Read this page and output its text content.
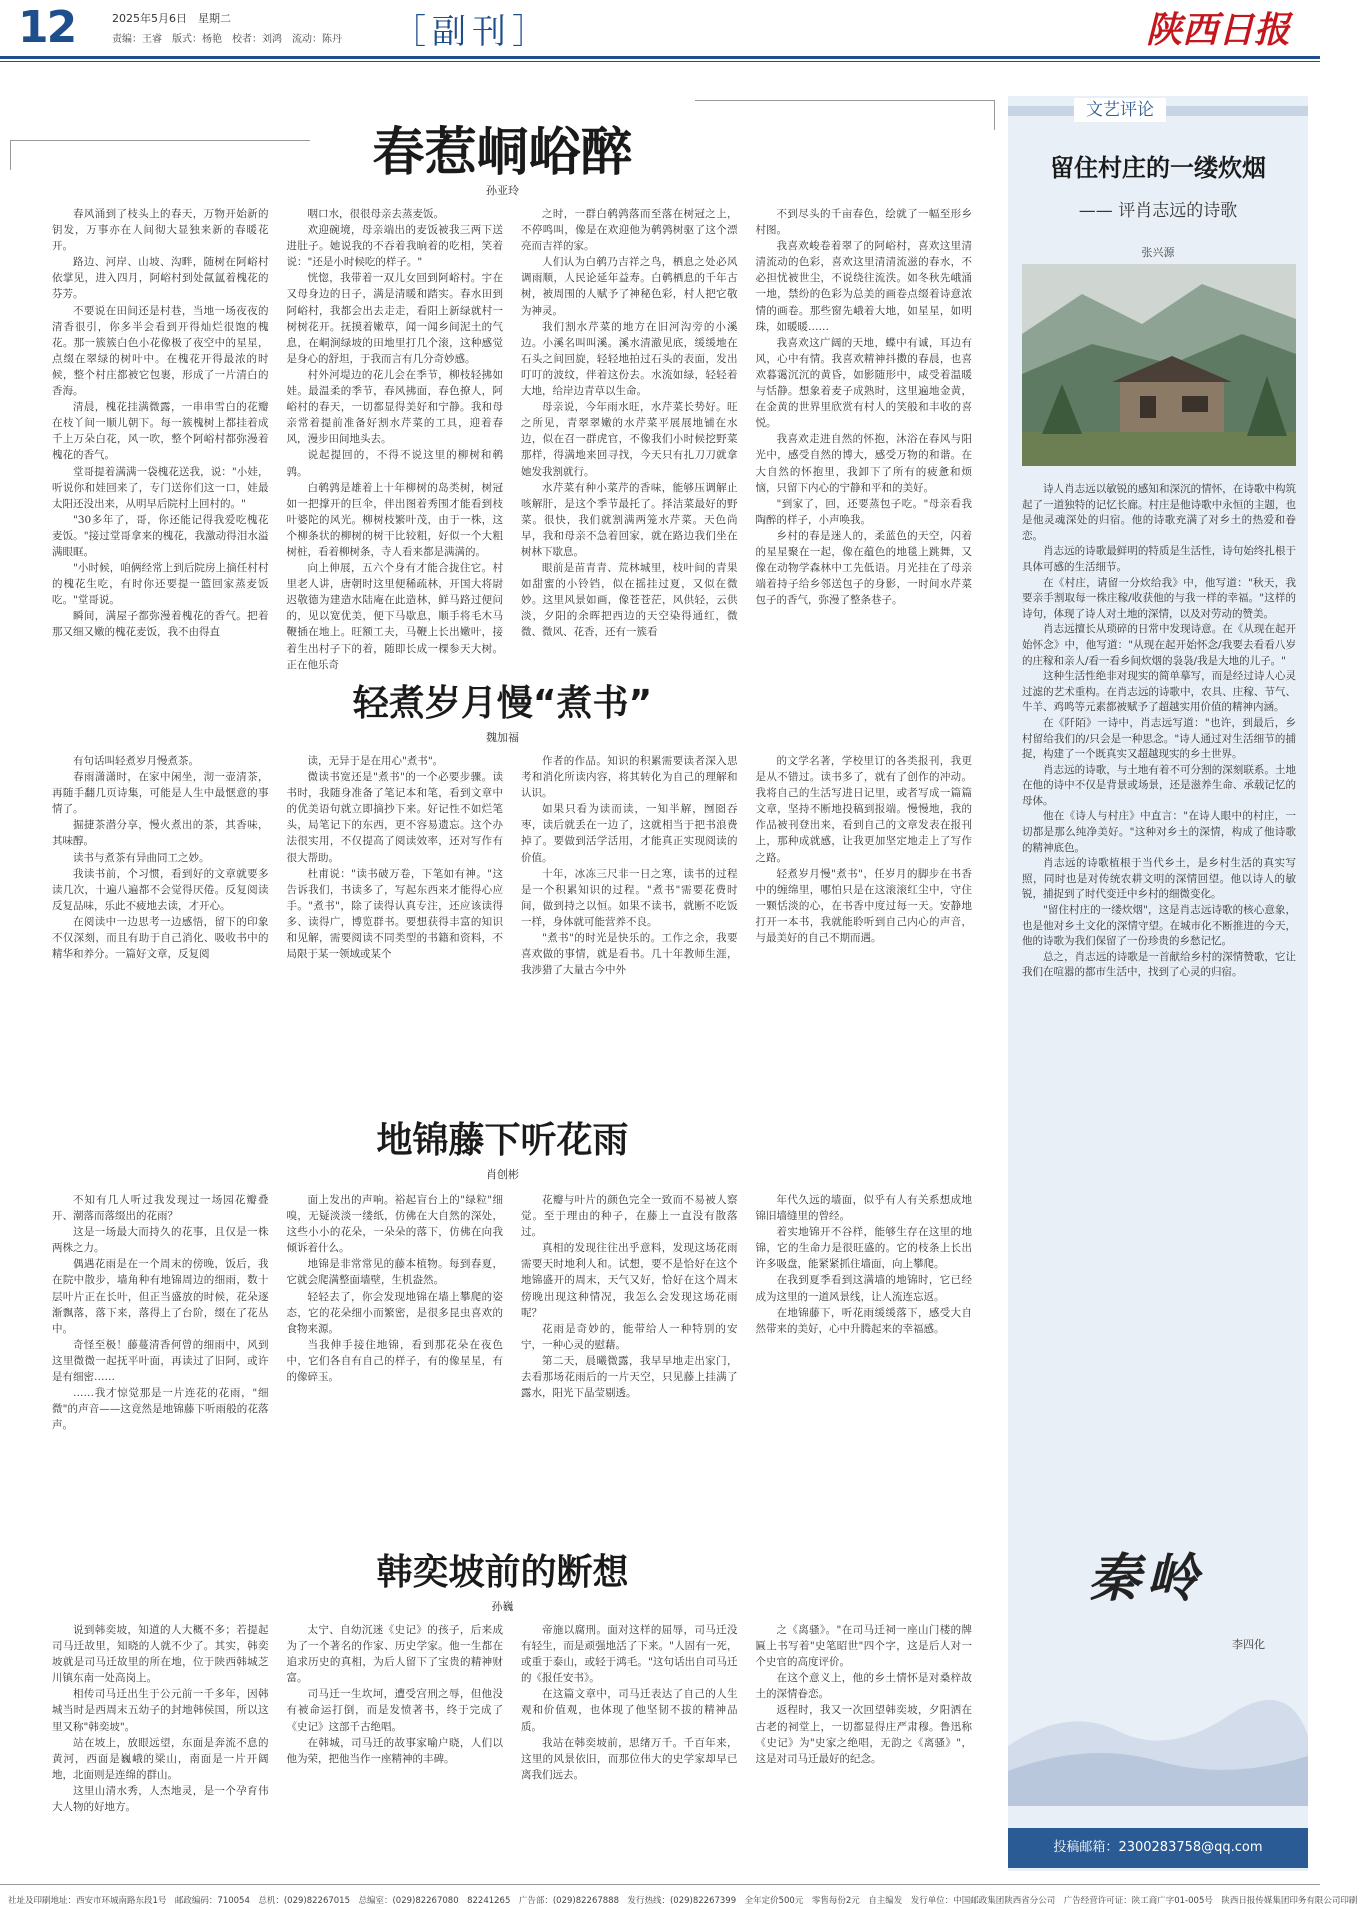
12	2025年5月6日　星期二
责编：王睿　版式：杨艳　校者：刘鸿　流动：陈丹 ［副刊］	陕西日报
春惹峒峪醉
孙亚玲

春风涌到了枝头上的春天，万物开始新的钥发，万事亦在人间彻大显独来新的春暖花开。

路边、河岸、山坡、沟畔，随树在阿峪村依掌见，进入四月，阿峪村到处氤氲着槐花的芬芳。

不要说在田间还是村巷，当地一场夜夜的清香很引，你多半会看到开得灿烂很饱的槐花。那一簇簇白色小花像极了夜空中的星星，点缀在翠绿的树叶中。在槐花开得最浓的时候，整个村庄都被它包裹，形成了一片清白的香海。

清晨，槐花挂满微露，一串串雪白的花瓣在枝丫间一顺儿朝下。每一簇槐树上都挂着成千上万朵白花，风一吹，整个阿峪村都弥漫着槐花的香气。

堂哥提着满满一袋槐花送我，说："小娃，听说你和娃回来了，专门送你们这一口，娃最太阳还没出来，从明早后院村上回村的。"

"30多年了，哥，你还能记得我爱吃槐花麦饭。"接过堂哥拿来的槐花，我激动得泪水溢满眼眶。

"小时候，咱俩经常上到后院房上摘任村村的槐花生吃，有时你还要提一篮回家蒸麦饭吃。"堂哥说。

瞬间，满屋子都弥漫着槐花的香气。把着那又细又嫩的槐花麦饭，我不由得直

咽口水，很很母亲去蒸麦饭。

欢迎碗境，母亲端出的麦饭被我三两下送进肚子。她说我的不吞着我晌着的吃相，笑着说："还是小时候吃的样子。"

恍惚，我带着一双儿女回到阿峪村。宇在又母身边的日子，满是清暖和踏实。春水田到阿峪村，我都会出去走走，看阳上新绿就村一树树花开。抚摸着嫩草，闻一闻乡间泥土的气息，在峒涧绿坡的田地里打几个滚，这种感觉是身心的舒坦，于我而言有几分奇妙感。

村外河堤边的花儿会在季节，柳枝轻拂如娃。最温柔的季节，春风拂面，春色撩人，阿峪村的春天，一切都显得美好和宁静。我和母亲常着提前准备好割水芹菜的工具，迎着春风，漫步田间地头去。

说起提回的，不得不说这里的柳树和鹌鹑。

白鹌鹑是雄着上十年柳树的岛类树，树冠如一把撑开的巨伞，伴出图着秀围才能看到枝叶婆陀的风光。柳树枝繁叶茂，由于一株，这个柳条状的柳树的树干比较粗，好似一个大粗树桩，看着柳树条，寺人看来都是满满的。

向上伸展，五六个身有才能合拢住它。村里老人讲，唐朝时这里便稀疏林，开国大将尉迟敬德为建造水陆庵在此造林，鲜马路过便问的，见以宽优美，便下马歇息，顺手将毛木马鞭插在地上。旺额工夫，马鞭上长出嫩叶，接着生出村子下的着，随即长成一棵参天大树。正在他乐奇

之时，一群白鹌鹑落而至落在树冠之上，不停鸣叫，像是在欢迎他为鹌鹑树驱了这个漂亮而吉祥的家。

人们认为白鹌乃吉祥之鸟，栖息之处必风调雨顺，人民论延年益寿。白鹌栖息的千年古树，被周围的人赋予了神秘色彩，村人把它敬为神灵。

我们割水芹菜的地方在旧河沟旁的小溪边。小溪名叫叫溪。溪水清澈见底，缓缓地在石头之间回旋，轻轻地拍过石头的表面，发出叮叮的波纹，伴着这份去。水流如绿，轻轻着大地，给岸边青草以生命。

母亲说，今年雨水旺，水芹菜长势好。旺之所见，青翠翠嫩的水芹菜平展展地铺在水边，似在召一群虎官，不像我们小时候挖野菜那样，得满地来回寻找，今天只有扎刀刀就拿她发我割就行。

水芹菜有种小菜芹的香味，能够压调解止咳解肝，是这个季节最托了。择洁菜最好的野菜。很快，我们就割满两笼水芹菜。天色尚早，我和母亲不急着回家，就在路边我们坐在树林下歇息。

眼前是苗青青、荒林城里，枝叶间的青果如甜蜜的小铃铛，似在摇挂过夏，又似在微妙。这里风景如画，像苍苍茫，风供轻，云供淡，夕阳的余晖把西边的天空染得通红，微微、微风、花香，还有一簇看

不到尽头的千亩春色，绘就了一幅至形乡村图。

我喜欢峻卷着翠了的阿峪村，喜欢这里清清流动的色彩，喜欢这里清清流滋的春水，不必担忧被世尘，不说绕往流泆。如冬秋先峨涌一地，禁纷的色彩为总美的画卷点缀着诗意浓情的画卷。那些窗先峨着大地，如星星，如明珠，如暖暖……

我喜欢这广阔的天地，蝶中有诚，耳边有风，心中有情。我喜欢精神抖擞的春晨，也喜欢暮霭沉沉的黄昏，如影随形中，咸受着温暖与恬静。想象着麦子成熟时，这里遍地金黄，在金黄的世界里欣赏有村人的笑般和丰收的喜悦。

我喜欢走进自然的怀抱，沐浴在春风与阳光中，感受自然的博大，感受万物的和谐。在大自然的怀抱里，我卸下了所有的疲惫和烦恼，只留下内心的宁静和平和的美好。

"到家了，回，还要蒸包子吃。"母亲看我陶醉的样子，小声唤我。

乡村的春是迷人的，柔蓝色的天空，闪着的星星聚在一起，像在蕴色的地毯上跳舞，又像在动物学森林中工先低语。月光挂在了母亲端着持子给乡邻送包子的身影，一时间水芹菜包子的香气，弥漫了整条巷子。

轻煮岁月慢“煮书”
魏加福

有句话叫轻煮岁月慢煮茶。

春雨潇潇时，在家中闲坐，沏一壶清茶，再随手翻几页诗集，可能是人生中最惬意的事情了。

掘捷茶潜分享，慢火煮出的茶，其香味，其味醇。

读书与煮茶有异曲同工之妙。

我读书前，个习惯，看到好的文章就要多读几次，十遍八遍都不会觉得厌倦。反复阅读反复品味，乐此不疲地去读，才开心。

在阅读中一边思考一边感悟，留下的印象不仅深刻，而且有助于自己消化、吸收书中的精华和养分。一篇好文章，反复阅

读，无异于是在用心"煮书"。

微读书宽还是"煮书"的一个必要步骤。读书时，我随身准备了笔记本和笔，看到文章中的优美语句就立即摘抄下来。好记性不如烂笔头，局笔记下的东西，更不容易遗忘。这个办法很实用，不仅提高了阅读效率，还对写作有很大帮助。

杜甫说："读书破万卷，下笔如有神。"这告诉我们，书读多了，写起东西来才能得心应手。"煮书"，除了读得认真专注，还应该读得多、读得广，博览群书。要想获得丰富的知识和见解，需要阅读不同类型的书籍和资料，不局限于某一领域或某个

作者的作品。知识的积累需要读者深入思考和消化所读内容，将其转化为自己的理解和认识。

如果只看为读而读，一知半解，囫囵吞枣，读后就丢在一边了，这就相当于把书浪费掉了。要做到活学活用，才能真正实现阅读的价值。

十年，冰冻三尺非一日之寒，读书的过程是一个积累知识的过程。"煮书"需要花费时间，做到持之以恒。如果不读书，就断不吃饭一样，身体就可能营养不良。

"煮书"的时光是快乐的。工作之余，我要喜欢做的事情，就是看书。几十年教师生涯，我涉猎了大量古今中外

的文学名著，学校里订的各类报刊，我更是从不错过。读书多了，就有了创作的冲动。我将自己的生活写进日记里，或者写成一篇篇文章，坚持不断地投稿到报端。慢慢地，我的作品被刊登出来，看到自己的文章发表在报刊上，那种成就感，让我更加坚定地走上了写作之路。

轻煮岁月慢"煮书"，任岁月的脚步在书香中的缠绵里，哪怕只是在这滚滚红尘中，守住一颗恬淡的心，在书香中度过每一天。安静地打开一本书，我就能聆听到自己内心的声音，与最美好的自己不期而遇。

地锦藤下听花雨
肖创彬

不知有几人听过我发现过一场园花瓣叠开、潮落而落缀出的花雨？

这是一场最大而持久的花事，且仅是一株两株之力。

偶遇花雨是在一个周末的傍晚，饭后，我在院中散步，墙角种有地锦周边的细雨，数十层叶片正在长叶，但正当盛放的时候，花朵逐渐飘落，落下来，落得上了台阶，缀在了花丛中。

奇怪至极！藤蔓清香何曾的细雨中，风到这里微微一起抚平叶面，再读过了旧阿，或许是有细密……

……我才惊觉那是一片连花的花雨，"细微"的声音——这竟然是地锦藤下听雨般的花落声。

面上发出的声响。裕起盲台上的"绿粒"细嗅，无疑淡淡一缕纸，仿佛在大自然的深处，这些小小的花朵，一朵朵的落下，仿佛在向我倾诉着什么。

地锦是非常常见的藤本植物。每到春夏，它就会爬满整面墙壁，生机盎然。

轻轻去了，你会发现地锦在墙上攀爬的姿态，它的花朵细小而繁密，是很多昆虫喜欢的食物来源。

当我伸手接住地锦，看到那花朵在夜色中，它们各自有自己的样子，有的像星星，有的像碎玉。

花瓣与叶片的颜色完全一致而不易被人察觉。至于理由的种子，在藤上一直没有散落过。

真相的发现往往出乎意料，发现这场花雨需要天时地利人和。试想，要不是恰好在这个地锦盛开的周末，天气又好，恰好在这个周末傍晚出现这种情况，我怎么会发现这场花雨呢？

花雨是奇妙的，能带给人一种特别的安宁，一种心灵的慰藉。

第二天，晨曦微露，我早早地走出家门，去看那场花雨后的一片天空，只见藤上挂满了露水，阳光下晶莹剔透。

年代久远的墙面，似乎有人有关系想成地锦旧墙缝里的曾经。

着实地锦开不谷样，能够生存在这里的地锦，它的生命力是很旺盛的。它的枝条上长出许多吸盘，能紧紧抓住墙面，向上攀爬。

在我到夏季看到这满墙的地锦时，它已经成为这里的一道风景线，让人流连忘返。

在地锦藤下，听花雨缓缓落下，感受大自然带来的美好，心中升腾起来的幸福感。

韩奕坡前的断想
孙巍

说到韩奕坡，知道的人大概不多；若提起司马迁故里，知晓的人就不少了。其实，韩奕坡就是司马迁故里的所在地，位于陕西韩城芝川镇东南一处高岗上。

相传司马迁出生于公元前一千多年，因韩城当时是西周末五幼子的封地韩侯国，所以这里又称"韩奕坡"。

站在坡上，放眼远望，东面是奔流不息的黄河，西面是巍峨的梁山，南面是一片开阔地，北面则是连绵的群山。

这里山清水秀，人杰地灵，是一个孕育伟大人物的好地方。

太宁、自幼沉迷《史记》的孩子，后来成为了一个著名的作家、历史学家。他一生都在追求历史的真相，为后人留下了宝贵的精神财富。

司马迁一生坎坷，遭受宫刑之辱，但他没有被命运打倒，而是发愤著书，终于完成了《史记》这部千古绝唱。

在韩城，司马迁的故事家喻户晓，人们以他为荣，把他当作一座精神的丰碑。

帝施以腐刑。面对这样的屈辱，司马迁没有轻生，而是顽强地活了下来。"人固有一死，或重于泰山，或轻于鸿毛。"这句话出自司马迁的《报任安书》。

在这篇文章中，司马迁表达了自己的人生观和价值观，也体现了他坚韧不拔的精神品质。

我站在韩奕坡前，思绪万千。千百年来，这里的风景依旧，而那位伟大的史学家却早已离我们远去。

之《离骚》。"在司马迁祠一座山门楼的牌匾上书写着"史笔昭世"四个字，这是后人对一个史官的高度评价。

在这个意义上，他的乡土情怀是对桑梓故土的深情眷恋。

返程时，我又一次回望韩奕坡，夕阳洒在古老的祠堂上，一切都显得庄严肃穆。鲁迅称《史记》为"史家之绝唱，无韵之《离骚》"，这是对司马迁最好的纪念。

文艺评论
留住村庄的一缕炊烟
—— 评肖志远的诗歌
张兴源

诗人肖志远以敏锐的感知和深沉的情怀，在诗歌中构筑起了一道独特的记忆长廊。村庄是他诗歌中永恒的主题，也是他灵魂深处的归宿。他的诗歌充满了对乡土的热爱和眷恋。

肖志远的诗歌最鲜明的特质是生活性，诗句始终扎根于具体可感的生活细节。

在《村庄，请留一分炊给我》中，他写道："秋天，我要亲手割取每一株庄稼/收获他的与我一样的幸福。"这样的诗句，体现了诗人对土地的深情，以及对劳动的赞美。

肖志远擅长从琐碎的日常中发现诗意。在《从现在起开始怀念》中，他写道："从现在起开始怀念/我要去看看八岁的庄稼和亲人/看一看乡间炊烟的袅袅/我是大地的儿子。"

这种生活性绝非对现实的简单摹写，而是经过诗人心灵过滤的艺术重构。在肖志远的诗歌中，农具、庄稼、节气、牛羊、鸡鸣等元素都被赋予了超越实用价值的精神内涵。

在《阡陌》一诗中，肖志远写道："也许，到最后，乡村留给我们的/只会是一种思念。"诗人通过对生活细节的捕捉，构建了一个既真实又超越现实的乡土世界。

肖志远的诗歌，与土地有着不可分割的深刻联系。土地在他的诗中不仅是背景或场景，还是滋养生命、承载记忆的母体。

他在《诗人与村庄》中直言："在诗人眼中的村庄，一切都是那么纯净美好。"这种对乡土的深情，构成了他诗歌的精神底色。

肖志远的诗歌植根于当代乡土，是乡村生活的真实写照，同时也是对传统农耕文明的深情回望。他以诗人的敏锐，捕捉到了时代变迁中乡村的细微变化。

"留住村庄的一缕炊烟"，这是肖志远诗歌的核心意象，也是他对乡土文化的深情守望。在城市化不断推进的今天，他的诗歌为我们保留了一份珍贵的乡愁记忆。

总之，肖志远的诗歌是一首献给乡村的深情赞歌，它让我们在喧嚣的都市生活中，找到了心灵的归宿。

秦岭
李四化
投稿邮箱：2300283758@qq.com
社址及印刷地址：西安市环城南路东段1号　邮政编码：710054　总机：(029)82267015　总编室：(029)82267080　82241265　广告部：(029)82267888　发行热线：(029)82267399　全年定价500元　零售每份2元　自主编发　发行单位：中国邮政集团陕西省分公司　广告经营许可证：陕工商广字01-005号　陕西日报传媒集团印务有限公司印刷
